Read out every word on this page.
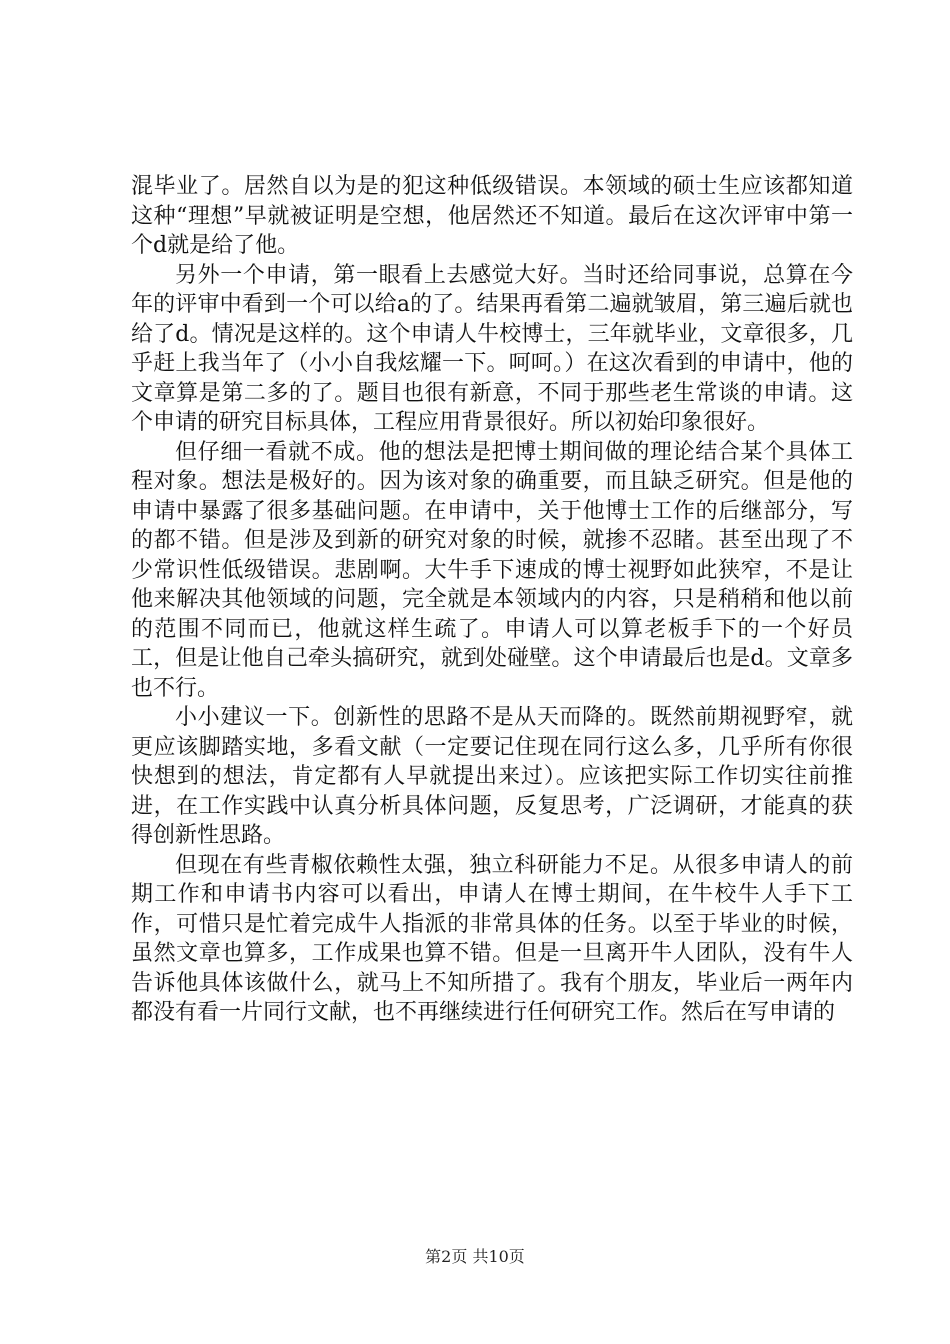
混毕业了。居然自以为是的犯这种低级错误。本领域的硕士生应该都知道这种“理想”早就被证明是空想，他居然还不知道。最后在这次评审中第一个d就是给了他。

另外一个申请，第一眼看上去感觉大好。当时还给同事说，总算在今年的评审中看到一个可以给a的了。结果再看第二遍就皱眉，第三遍后就也给了d。情况是这样的。这个申请人牛校博士，三年就毕业，文章很多，几乎赶上我当年了（小小自我炫耀一下。呵呵。）在这次看到的申请中，他的文章算是第二多的了。题目也很有新意，不同于那些老生常谈的申请。这个申请的研究目标具体，工程应用背景很好。所以初始印象很好。

但仔细一看就不成。他的想法是把博士期间做的理论结合某个具体工程对象。想法是极好的。因为该对象的确重要，而且缺乏研究。但是他的申请中暴露了很多基础问题。在申请中，关于他博士工作的后继部分，写的都不错。但是涉及到新的研究对象的时候，就掺不忍睹。甚至出现了不少常识性低级错误。悲剧啊。大牛手下速成的博士视野如此狭窄，不是让他来解决其他领域的问题，完全就是本领域内的内容，只是稍稍和他以前的范围不同而已，他就这样生疏了。申请人可以算老板手下的一个好员工，但是让他自己牵头搞研究，就到处碰壁。这个申请最后也是d。文章多也不行。

小小建议一下。创新性的思路不是从天而降的。既然前期视野窄，就更应该脚踏实地，多看文献（一定要记住现在同行这么多，几乎所有你很快想到的想法，肯定都有人早就提出来过）。应该把实际工作切实往前推进，在工作实践中认真分析具体问题，反复思考，广泛调研，才能真的获得创新性思路。

但现在有些青椒依赖性太强，独立科研能力不足。从很多申请人的前期工作和申请书内容可以看出，申请人在博士期间，在牛校牛人手下工作，可惜只是忙着完成牛人指派的非常具体的任务。以至于毕业的时候，虽然文章也算多，工作成果也算不错。但是一旦离开牛人团队，没有牛人告诉他具体该做什么，就马上不知所措了。我有个朋友，毕业后一两年内都没有看一片同行文献，也不再继续进行任何研究工作。然后在写申请的

第2页 共10页
